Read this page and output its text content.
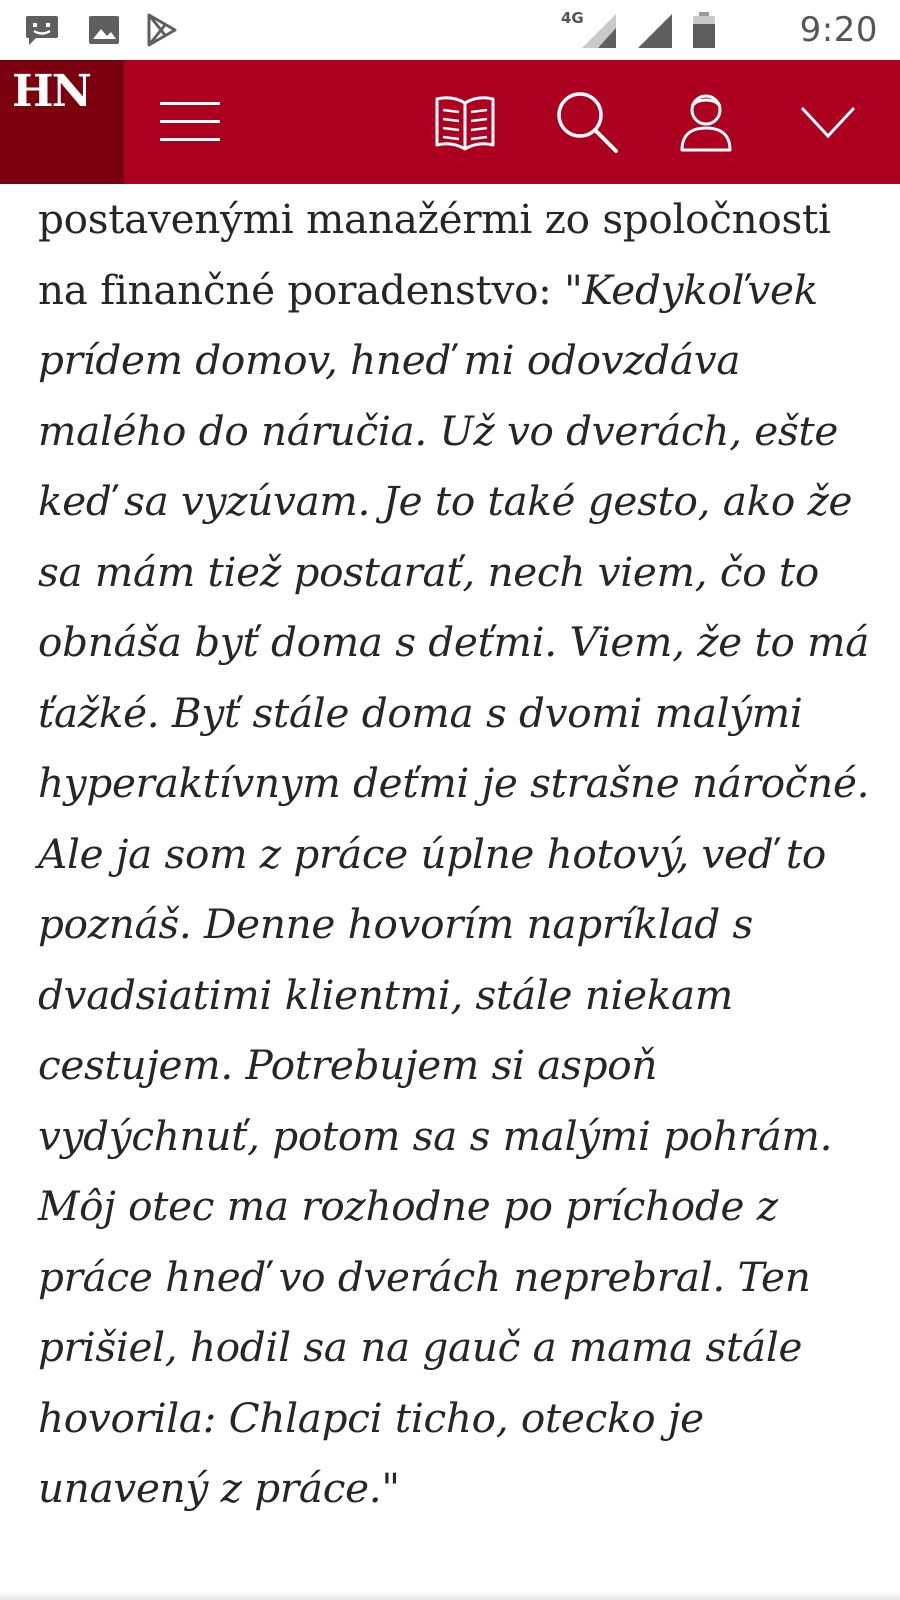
4G	9:20
HN

postavenými manažérmi zo spoločnosti na finančné poradenstvo: "Kedykoľvek prídem domov, hneď mi odovzdáva malého do náručia. Už vo dverách, ešte keď sa vyzúvam. Je to také gesto, ako že sa mám tiež postarať, nech viem, čo to obnáša byť doma s deťmi. Viem, že to má ťažké. Byť stále doma s dvomi malými hyperaktívnym deťmi je strašne náročné. Ale ja som z práce úplne hotový, veď to poznáš. Denne hovorím napríklad s dvadsiatimi klientmi, stále niekam cestujem. Potrebujem si aspoň vydýchnuť, potom sa s malými pohrám. Môj otec ma rozhodne po príchode z práce hneď vo dverách neprebral. Ten prišiel, hodil sa na gauč a mama stále hovorila: Chlapci ticho, otecko je unavený z práce."
